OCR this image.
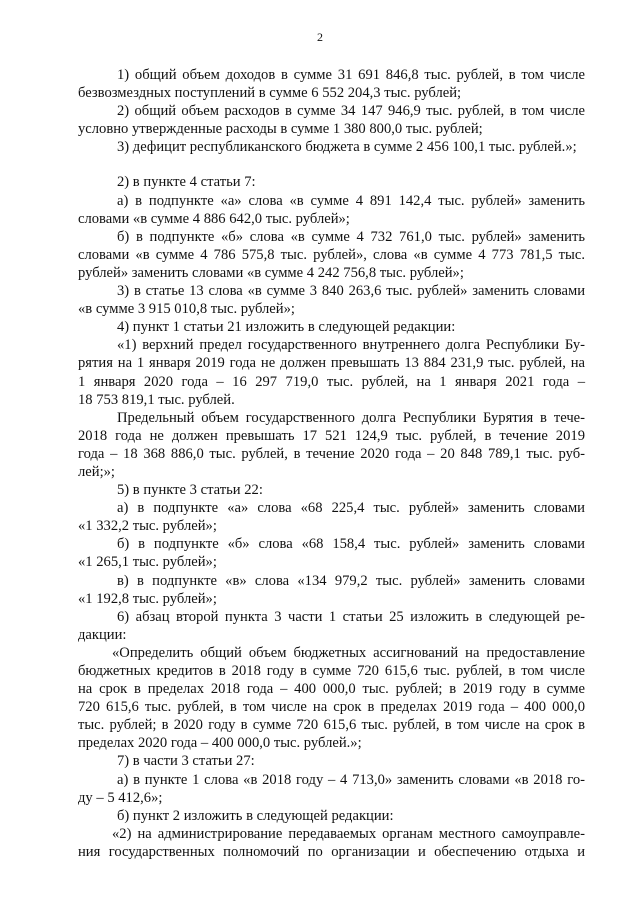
2
1) общий объем доходов в сумме 31 691 846,8 тыс. рублей, в том числе
безвозмездных поступлений в сумме 6 552 204,3 тыс. рублей;
2) общий объем расходов в сумме 34 147 946,9 тыс. рублей, в том числе
условно утвержденные расходы в сумме 1 380 800,0 тыс. рублей;
3) дефицит республиканского бюджета в сумме 2 456 100,1 тыс. рублей.»;
2) в пункте 4 статьи 7:
а) в подпункте «а» слова «в сумме 4 891 142,4 тыс. рублей» заменить
словами «в сумме 4 886 642,0 тыс. рублей»;
б) в подпункте «б» слова «в сумме 4 732 761,0 тыс. рублей» заменить
словами «в сумме 4 786 575,8 тыс. рублей», слова «в сумме 4 773 781,5 тыс.
рублей» заменить словами «в сумме 4 242 756,8 тыс. рублей»;
3) в статье 13 слова «в сумме 3 840 263,6 тыс. рублей» заменить словами
«в сумме 3 915 010,8 тыс. рублей»;
4) пункт 1 статьи 21 изложить в следующей редакции:
«1) верхний предел государственного внутреннего долга Республики Бу-
рятия на 1 января 2019 года не должен превышать 13 884 231,9 тыс. рублей, на
1 января 2020 года – 16 297 719,0 тыс. рублей, на 1 января 2021 года –
18 753 819,1 тыс. рублей.
Предельный объем государственного долга Республики Бурятия в тече-
2018 года не должен превышать 17 521 124,9 тыс. рублей, в течение 2019
года – 18 368 886,0 тыс. рублей, в течение 2020 года – 20 848 789,1 тыс. руб-
лей;»;
5) в пункте 3 статьи 22:
а) в подпункте «а» слова «68 225,4 тыс. рублей» заменить словами
«1 332,2 тыс. рублей»;
б) в подпункте «б» слова «68 158,4 тыс. рублей» заменить словами
«1 265,1 тыс. рублей»;
в) в подпункте «в» слова «134 979,2 тыс. рублей» заменить словами
«1 192,8 тыс. рублей»;
6) абзац второй пункта 3 части 1 статьи 25 изложить в следующей ре-
дакции:
«Определить общий объем бюджетных ассигнований на предоставление
бюджетных кредитов в 2018 году в сумме 720 615,6 тыс. рублей, в том числе
на срок в пределах 2018 года – 400 000,0 тыс. рублей; в 2019 году в сумме
720 615,6 тыс. рублей, в том числе на срок в пределах 2019 года – 400 000,0
тыс. рублей; в 2020 году в сумме 720 615,6 тыс. рублей, в том числе на срок в
пределах 2020 года – 400 000,0 тыс. рублей.»;
7) в части 3 статьи 27:
а) в пункте 1 слова «в 2018 году – 4 713,0» заменить словами «в 2018 го-
ду – 5 412,6»;
б) пункт 2 изложить в следующей редакции:
«2) на администрирование передаваемых органам местного самоуправле-
ния государственных полномочий по организации и обеспечению отдыха и
